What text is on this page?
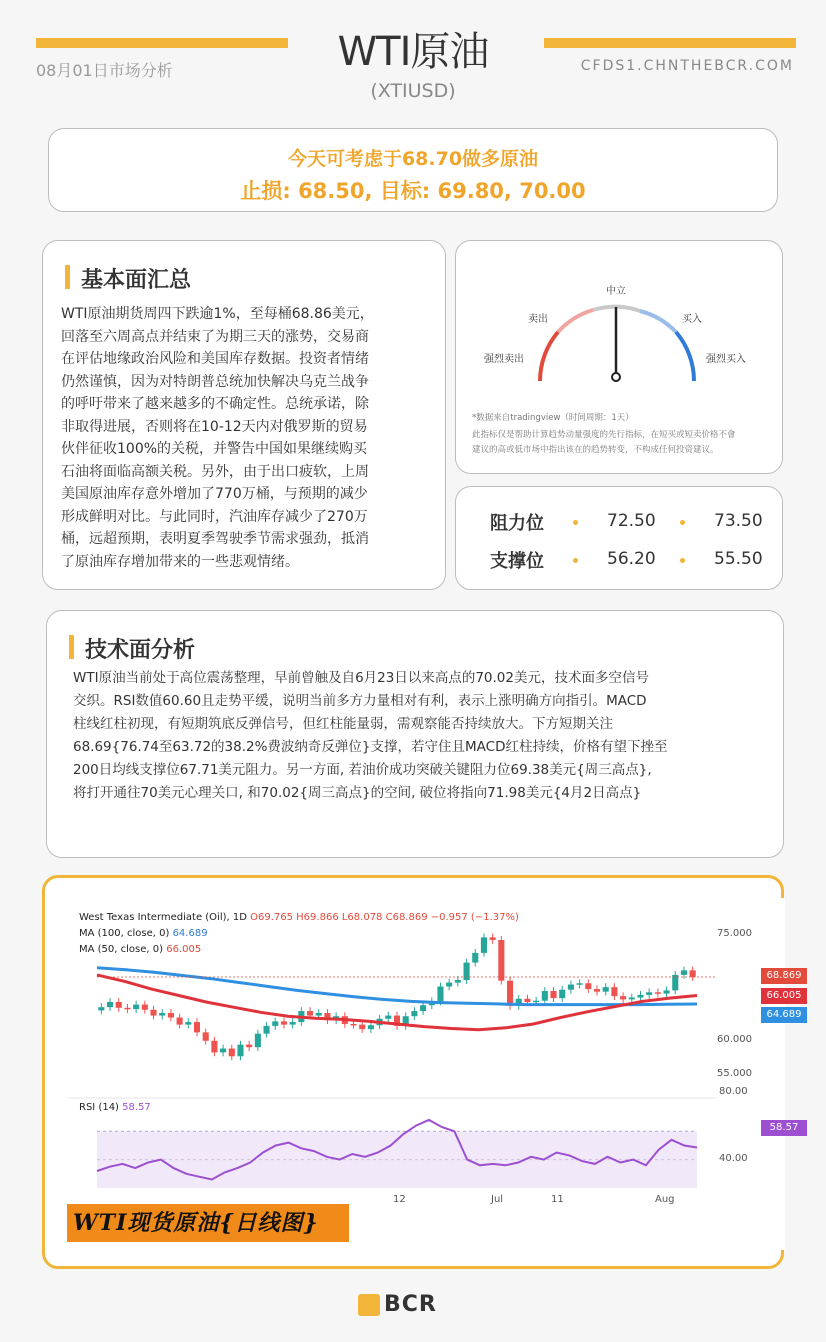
WTI原油
(XTIUSD)
08月01日市场分析	CFDS1.CHNTHEBCR.COM
今天可考虑于68.70做多原油
止损: 68.50, 目标: 69.80, 70.00
基本面汇总
WTI原油期货周四下跌逾1%，至每桶68.86美元，
回落至六周高点并结束了为期三天的涨势，交易商
在评估地缘政治风险和美国库存数据。投资者情绪
仍然谨慎，因为对特朗普总统加快解决乌克兰战争
的呼吁带来了越来越多的不确定性。总统承诺，除
非取得进展，否则将在10-12天内对俄罗斯的贸易
伙伴征收100%的关税，并警告中国如果继续购买
石油将面临高额关税。另外，由于出口疲软，上周
美国原油库存意外增加了770万桶，与预期的减少
形成鲜明对比。与此同时，汽油库存减少了270万
桶，远超预期，表明夏季驾驶季节需求强劲，抵消
了原油库存增加带来的一些悲观情绪。
强烈卖出
卖出
中立
买入
强烈买入
*数据来自tradingview（时间周期：1天）
此指标仅是帮助计算趋势动量强度的先行指标，在短买或短卖价格不會
建议的高或低市场中指出该在的趋势转变，不构成任何投资建议。
阻力位	72.50	73.50
支撑位	56.20	55.50
技术面分析
WTI原油当前处于高位震荡整理，早前曾触及自6月23日以来高点的70.02美元，技术面多空信号
交织。RSI数值60.60且走势平缓，说明当前多方力量相对有利，表示上涨明确方向指引。MACD
柱线红柱初现，有短期筑底反弹信号，但红柱能量弱，需观察能否持续放大。下方短期关注
68.69{76.74至63.72的38.2%费波纳奇反弹位}支撑，若守住且MACD红柱持续，价格有望下挫至
200日均线支撑位67.71美元阻力。另一方面, 若油价成功突破关键阻力位69.38美元{周三高点},
将打开通往70美元心理关口, 和70.02{周三高点}的空间, 破位将指向71.98美元{4月2日高点}
West Texas Intermediate (Oil), 1D O69.765 H69.866 L68.078 C68.869 −0.957 (−1.37%)
MA (100, close, 0) 64.689
MA (50, close, 0) 66.005
75.000
60.000
55.000
68.869
66.005
64.689
RSI (14) 58.57
80.00
40.00
58.57
12	Jul	11	Aug
WTI现货原油{日线图}
BCR
